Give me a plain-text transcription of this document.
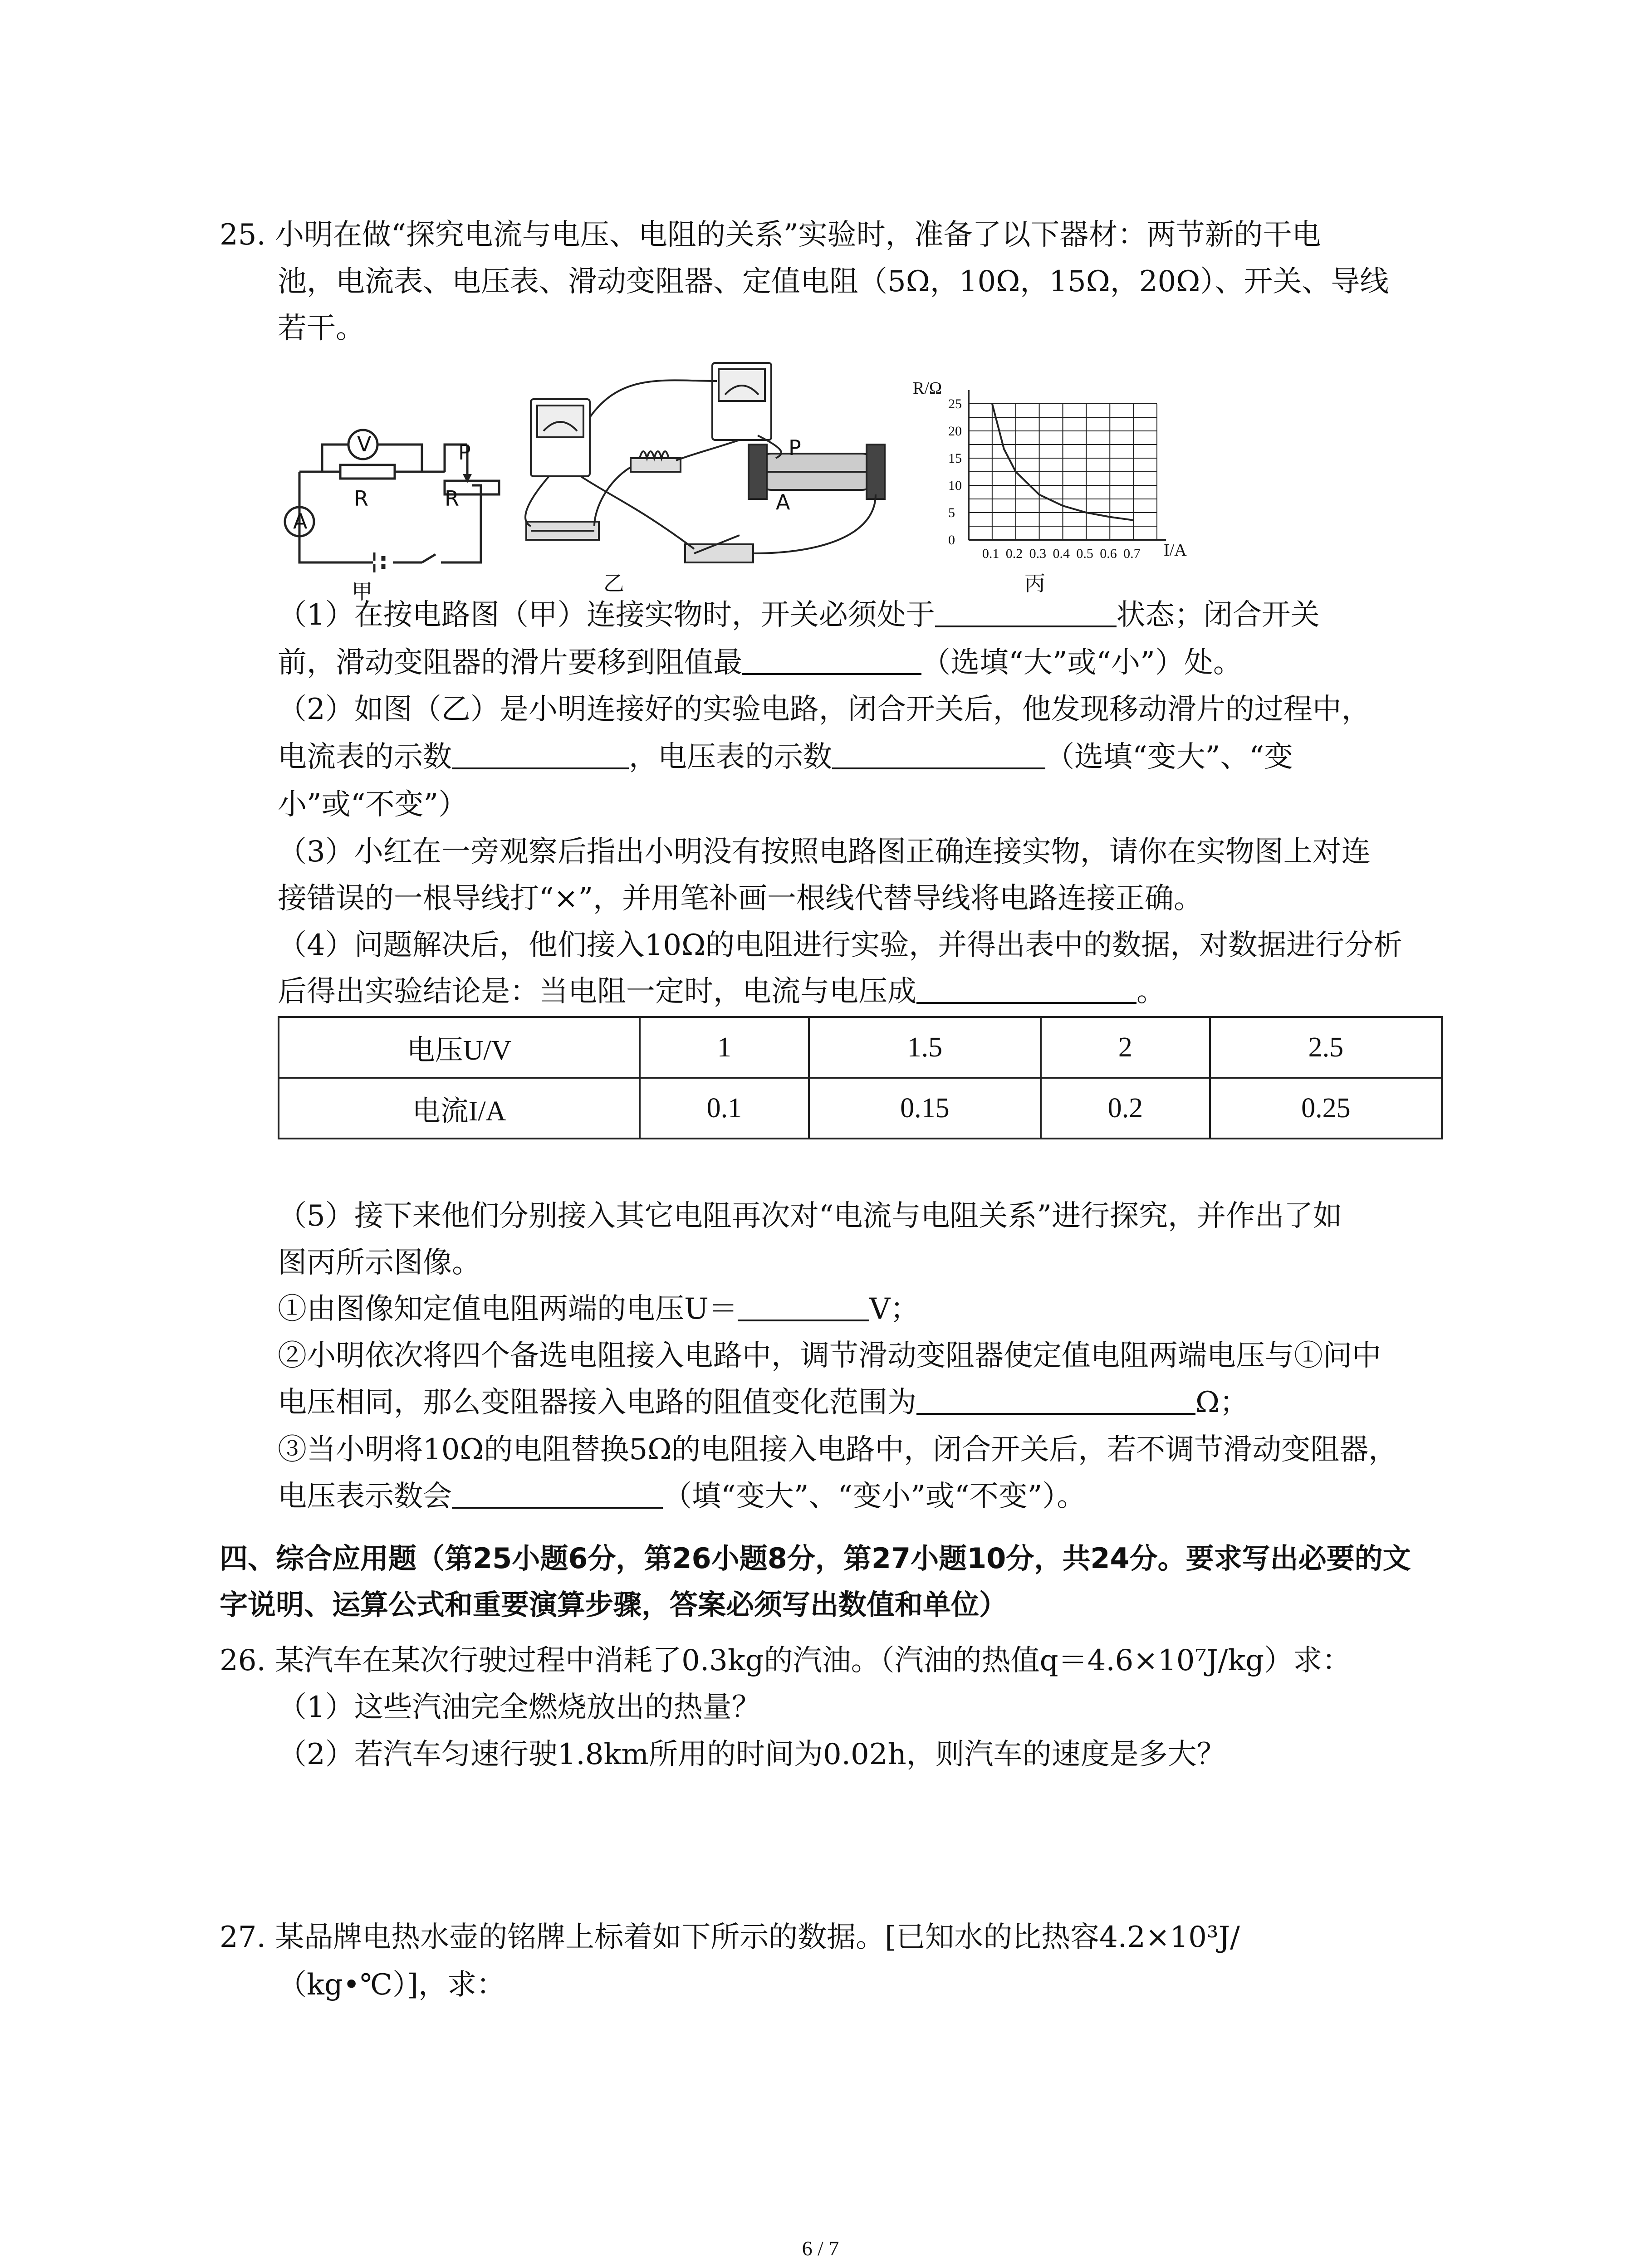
25. 小明在做“探究电流与电压、电阻的关系”实验时，准备了以下器材：两节新的干电
池，电流表、电压表、滑动变阻器、定值电阻（5Ω，10Ω，15Ω，20Ω）、开关、导线
若干。
V
A
R	R
P
甲
P
A
乙
0.1 0.2 0.3 0.4 0.5 0.6 0.7
0
5
10
15
20
25
R/Ω
I/A
丙
（1）在按电路图（甲）连接实物时，开关必须处于	状态；闭合开关
前，滑动变阻器的滑片要移到阻值最	（选填“大”或“小”）处。
（2）如图（乙）是小明连接好的实验电路，闭合开关后，他发现移动滑片的过程中，
电流表的示数	，电压表的示数	（选填“变大”、“变
小”或“不变”）
（3）小红在一旁观察后指出小明没有按照电路图正确连接实物，请你在实物图上对连
接错误的一根导线打“×”，并用笔补画一根线代替导线将电路连接正确。
（4）问题解决后，他们接入10Ω的电阻进行实验，并得出表中的数据，对数据进行分析
后得出实验结论是：当电阻一定时，电流与电压成	。
电压U/V	1	1.5	2	2.5
电流I/A	0.1	0.15	0.2	0.25
（5）接下来他们分别接入其它电阻再次对“电流与电阻关系”进行探究，并作出了如
图丙所示图像。
①由图像知定值电阻两端的电压U＝	V；
②小明依次将四个备选电阻接入电路中，调节滑动变阻器使定值电阻两端电压与①问中
电压相同，那么变阻器接入电路的阻值变化范围为	Ω；
③当小明将10Ω的电阻替换5Ω的电阻接入电路中，闭合开关后，若不调节滑动变阻器，
电压表示数会	（填“变大”、“变小”或“不变”）。
四、综合应用题（第25小题6分，第26小题8分，第27小题10分，共24分。要求写出必要的文
字说明、运算公式和重要演算步骤，答案必须写出数值和单位）
26. 某汽车在某次行驶过程中消耗了0.3kg的汽油。（汽油的热值q＝4.6×10⁷J/kg）求：
（1）这些汽油完全燃烧放出的热量？
（2）若汽车匀速行驶1.8km所用的时间为0.02h，则汽车的速度是多大？
27. 某品牌电热水壶的铭牌上标着如下所示的数据。[已知水的比热容4.2×10³J/
（kg•℃）]，求：
6 / 7
